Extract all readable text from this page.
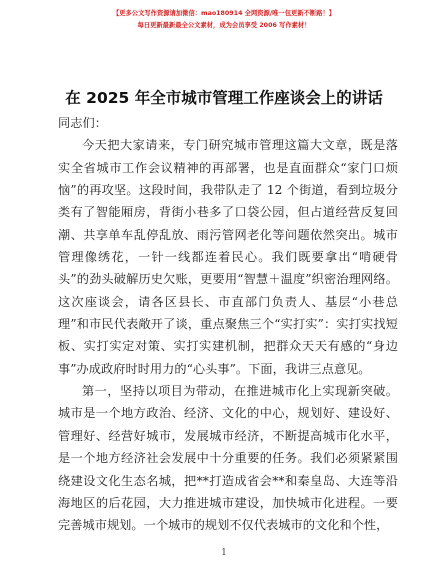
【更多公文写作资源请加微信：mao180914 全网资源/唯一包更新不断路！】
每日更新最新最全公文素材，成为会员享受 2006 写作素材！
在 2025 年全市城市管理工作座谈会上的讲话

同志们：

今天把大家请来，专门研究城市管理这篇大文章，既是落实全省城市工作会议精神的再部署，也是直面群众“家门口烦恼”的再攻坚。这段时间，我带队走了 12 个街道，看到垃圾分类有了智能厢房，背街小巷多了口袋公园，但占道经营反复回潮、共享单车乱停乱放、雨污管网老化等问题依然突出。城市管理像绣花，一针一线都连着民心。我们既要拿出“啃硬骨头”的劲头破解历史欠账，更要用“智慧＋温度”织密治理网络。这次座谈会，请各区县长、市直部门负责人、基层“小巷总理”和市民代表敞开了谈，重点聚焦三个“实打实”：实打实找短板、实打实定对策、实打实建机制，把群众天天有感的“身边事”办成政府时时用力的“心头事”。下面，我讲三点意见。

第一，坚持以项目为带动，在推进城市化上实现新突破。城市是一个地方政治、经济、文化的中心，规划好、建设好、管理好、经营好城市，发展城市经济，不断提高城市化水平，是一个地方经济社会发展中十分重要的任务。我们必须紧紧围绕建设文化生态名城，把**打造成省会**和秦皇岛、大连等沿海地区的后花园，大力推进城市建设，加快城市化进程。一要完善城市规划。一个城市的规划不仅代表城市的文化和个性，

1
